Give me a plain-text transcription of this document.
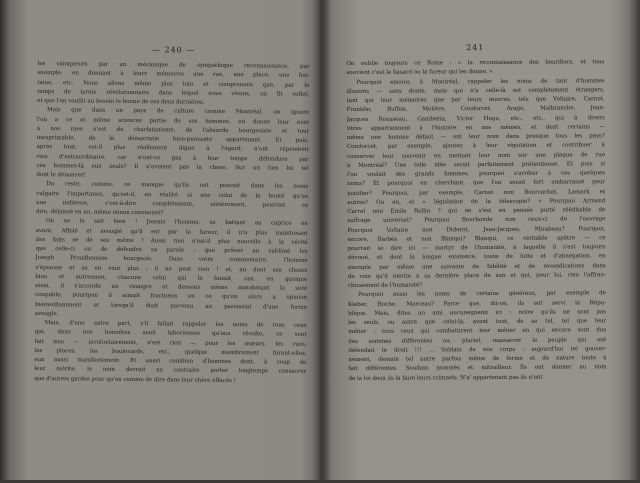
— 240 —
les vainqueurs par un mécanique de sympathique reconnaissance, par
exemple: en donnant à leurs mémoires une rue, une place, une fon-
taine, etc. Nous allons même plus loin et comprenons que, par le
temps de larme révolutionnaire dans lequel nous vivons, on fit reflet,
et que l'on voulût au besoin le bonne de ces deux dernières.
Mais que dans un pays de culture comme Montréal, on ignore
l'où a ce et même sciences partie de ses hommes, en donne leur nom
à nos rues n'est du charlatanisme, de l'absurde bourgeoisie et tout
inexprimable, de la démocratie bien-pensante appartenant. Et puis,
après tout, est-il plus réellement digne à l'égard, n'ont répondent
rien d'extraordinaire, car n'ont-ce pas à leur temps défendues par
ces hommes-là eux seuls? Il n'avoient pas la chose. Sur un tien lui tel
dont le dénoncer!
Du reste, comme, ce manque qu'ils ont pouvait dans les noms
vulgaire l'importance, qu'est-il, en réalité, si une celui de la bonté qu'on
une noblesse, c'est-à-dire complétement, entièrement, pourrait ce
dire, délaissé en un, même mieux commenté?
On ne le sait bien ! Jamais l'homme, se battant au caprice en
avant. Affolé et aveuglé qu'il est par la fureur, il n'a plus maintenant
des faits se de ses même ! Aussi rien n'est-il plus nouvelle à la vérité
que celle-ci ou de défendre sa parole : que prôner au sublimé les
Joseph Proudhomme bourgeois. Dans votre commentaire, l'homme
s'épousse et se en veut plus ; il ne peut rien ! et, au dont ses choses
bien et autrement, chacune celui qui le faisait, cas, en quoique
ainsi, il s'accorde un vinaigre et dessous même nonobstant le sont
coupable, pourquoi il aimait fructueux en ce qu'on alors a opinion
bienveillamment et lorsqu'il était parvenu au paroissial d'une forme
aveugle.
Mais, d'une autre part, s'il fallait rappeler les noms de tous ceux
qui, dans nos honnêtes seuil laborieuses qu'aux révolte, ce sont
fait issu — involontairement, n'est rien — pour les mœurs, les rues,
les places, les boulevards, etc., quelque membrement furent-elles,
eux aussi manifestement. Et aussi combien d'hommes dont, à coup de
leur mérite, le nom devrait au contraire porter longtemps consacrer
que d'autres gardes pour qu'on comme de dire dans leur chère effacés !
241
On oublie toujours ce Rome : « la reconnaissance des bourdiers, et tous
souvient c'est le hasard ou la fureur qui les donne. »
Pourquoi encore, à Montréal, rappeler les noms de tant d'hommes
illustres — sans doute, mais qui n'a celle-là est complétement étrangers,
tant qui leur mémoires que par leurs œuvres, tels que Voltaire, Carnot,
Franklin, Buffon, Molière, Condorcet, Arago, Malbranche, Jean-
Jacques Rousseau, Gambetta, Victor Hugo, etc., etc., qui à divers
titres appartiennent à l'histoire en nos mêmes, et dont certains —
même une homme défaut — ont leur nom dans presque tous les pays?
Condorcet, par exemple, ajoutez à leur réputation et contribuer à
conserver leur souvenir en mettant leur nom sur une plaque de rue
à Montréal? Une telle idée serait parfaitement prétentieuse. Et puis si
l'on voulait des grands hommes, pourquoi s'arrêter à ces quelques
noms? Et pourquoi en cherchant, que l'on serait fort embarrassé pour
justifier? Pourquoi, par exemple, Carnot non Bourcachet, Lamark et
autres? Ou en, et « législation de la télescopie? » Pourquoi Armand
Carrel non Emile Rollin ? qui ne s'est en pensée porté rééditable de
suffrage universel? Pourquoi Bourbonde non ceux-ci de l'ouvrage
Pourquoi Voltaire non Diderot, Jean-Jacques, Mirabeau? Pourquoi,
encore, Barbès et non Blanqui? Blanqui, ce véritable apôtre — ce
pourrait se dire ici — martyr de l'humanité, à laquelle il s'est toujours
dévoué, et dont la longue existence, toute de lutte et d'abnégation, en
exemple par même une suivante de fidélité et de revendications dans
de voix qu'il mérite à sa dernière place de son et qui, pour lui, rien l'affran-
chissement de l'humanité?
Pourquoi aussi les noms de certains généraux, par exemple de
Kleber, Hoche, Marceau? Parce que, dit-on, ils ont servi la Répu-
blique. Mais, dites un ami aucunegnemt ici : notre qu'ils ne sont pas
les seuls, ou autre que celui-là, avant tout, de se tel, tel que leur
métier : tous ceux qui combattirent leur métier en qui encore sont dus
des sommes différentes ou, pluriel, massacrer le peuple qui osé
défendait le droit !!! ... Soldats de nos corps : aujourd'hui tel gouver-
nement, demain tel autre parfois même de forme et de nature toute à
fait différentes. Soudain nommés et mitrailleur. Ils ont donner au nom
de la loi deux ils la faire leurs crimnels. N'a' appartenant pas ils n'ont
